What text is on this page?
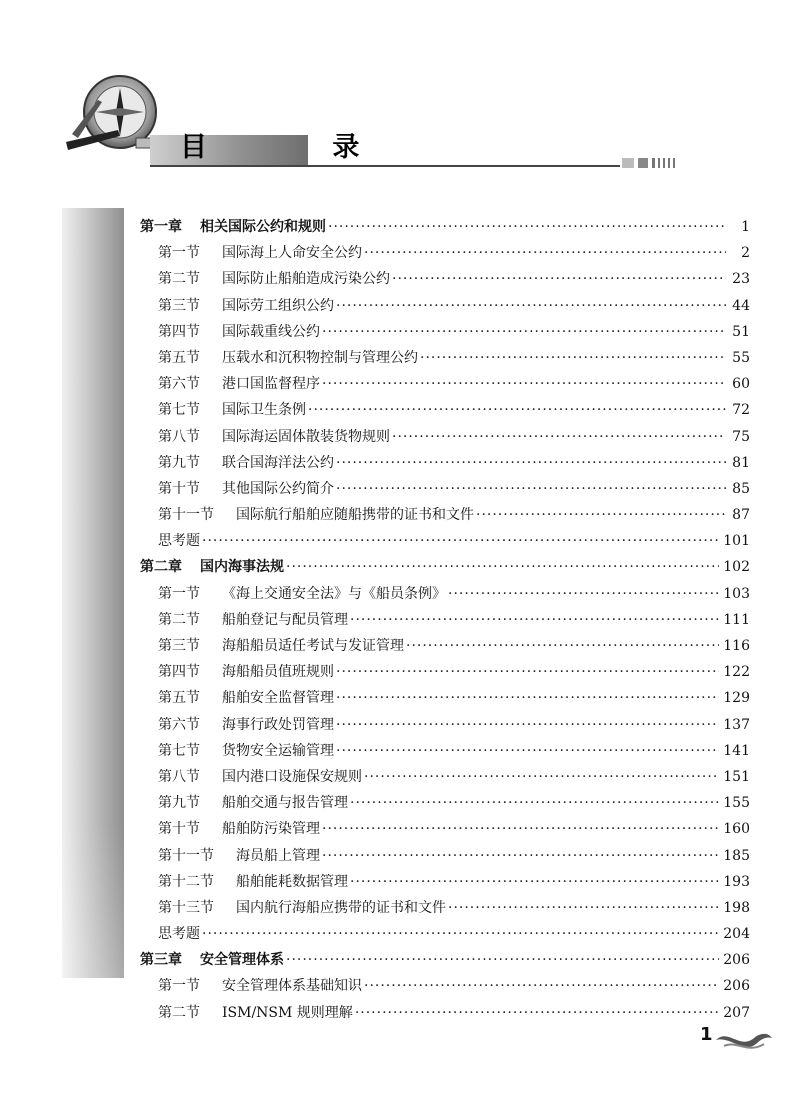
目 录
第一章 相关国际公约和规则 ·····	1
第一节 国际海上人命安全公约 ·····	2
第二节 国际防止船舶造成污染公约 ·····	23
第三节 国际劳工组织公约 ·····	44
第四节 国际载重线公约 ·····	51
第五节 压载水和沉积物控制与管理公约 ·····	55
第六节 港口国监督程序 ·····	60
第七节 国际卫生条例 ·····	72
第八节 国际海运固体散装货物规则 ·····	75
第九节 联合国海洋法公约 ·····	81
第十节 其他国际公约简介 ·····	85
第十一节 国际航行船舶应随船携带的证书和文件 ·····	87
思考题 ·····	101
第二章 国内海事法规 ·····	102
第一节 《海上交通安全法》与《船员条例》 ·····	103
第二节 船舶登记与配员管理 ·····	111
第三节 海船船员适任考试与发证管理 ·····	116
第四节 海船船员值班规则 ·····	122
第五节 船舶安全监督管理 ·····	129
第六节 海事行政处罚管理 ·····	137
第七节 货物安全运输管理 ·····	141
第八节 国内港口设施保安规则 ·····	151
第九节 船舶交通与报告管理 ·····	155
第十节 船舶防污染管理 ·····	160
第十一节 海员船上管理 ·····	185
第十二节 船舶能耗数据管理 ·····	193
第十三节 国内航行海船应携带的证书和文件 ·····	198
思考题 ·····	204
第三章 安全管理体系 ·····	206
第一节 安全管理体系基础知识 ·····	206
第二节 ISM/NSM 规则理解 ·····	207
1
